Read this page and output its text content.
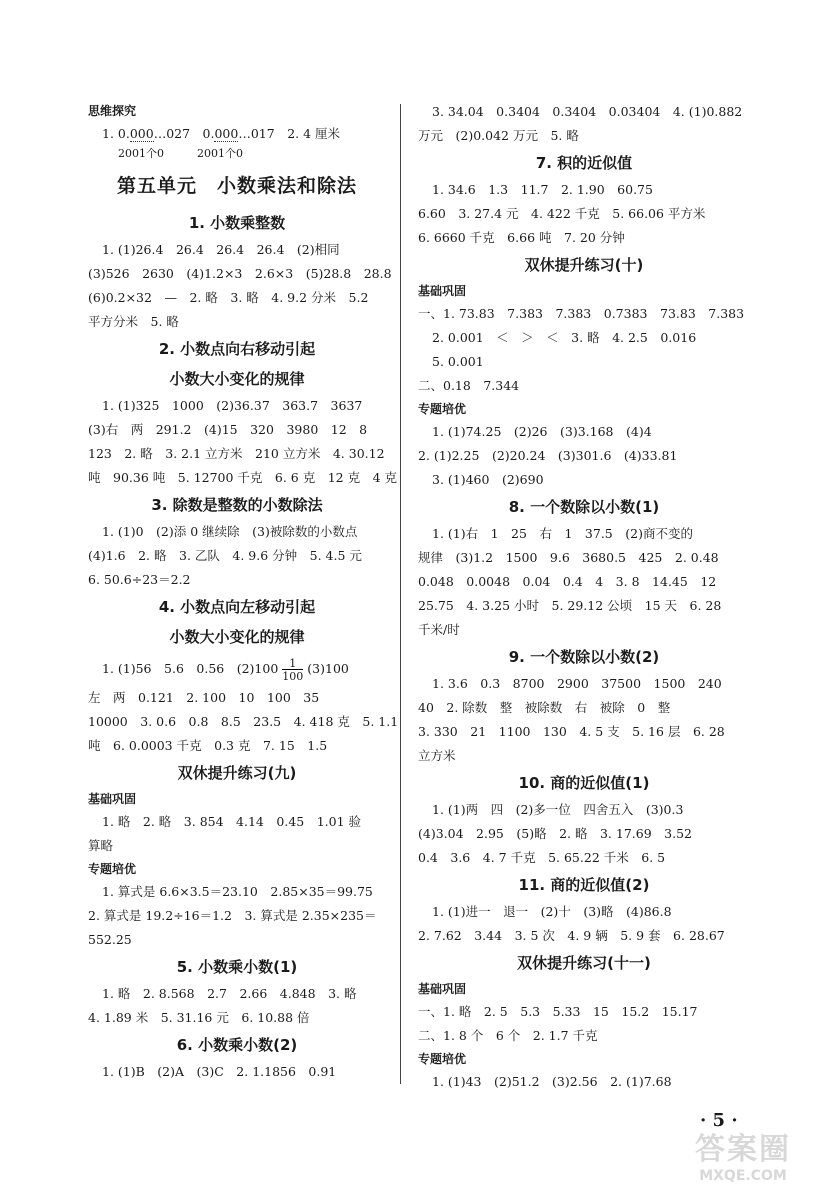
思维探究
1. 0.000…027　0.000…017　2. 4 厘米
2001个0　　　2001个0
第五单元　小数乘法和除法
1. 小数乘整数
1. (1)26.4　26.4　26.4　26.4　(2)相同
(3)526　2630　(4)1.2×3　2.6×3　(5)28.8　28.8
(6)0.2×32　—　2. 略　3. 略　4. 9.2 分米　5.2
平方分米　5. 略
2. 小数点向右移动引起
小数大小变化的规律
1. (1)325　1000　(2)36.37　363.7　3637
(3)右　两　291.2　(4)15　320　3980　12　8
123　2. 略　3. 2.1 立方米　210 立方米　4. 30.12
吨　90.36 吨　5. 12700 千克　6. 6 克　12 克　4 克
3. 除数是整数的小数除法
1. (1)0　(2)添 0 继续除　(3)被除数的小数点
(4)1.6　2. 略　3. 乙队　4. 9.6 分钟　5. 4.5 元
6. 50.6÷23＝2.2
4. 小数点向左移动引起
小数大小变化的规律
1. (1)56　5.6　0.56　$(2)100 \frac{1}{100} (3)100$
左　两　0.121　2. 100　10　100　35
10000　3. 0.6　0.8　8.5　23.5　4. 418 克　5. 1.1
吨　6. 0.0003 千克　0.3 克　7. 15　1.5
双休提升练习(九)
基础巩固
1. 略　2. 略　3. 854　4.14　0.45　1.01 验
算略
专题培优
1. 算式是 6.6×3.5＝23.10　2.85×35＝99.75
2. 算式是 19.2÷16＝1.2　3. 算式是 2.35×235＝
552.25
5. 小数乘小数(1)
1. 略　2. 8.568　2.7　2.66　4.848　3. 略
4. 1.89 米　5. 31.16 元　6. 10.88 倍
6. 小数乘小数(2)
1. (1)B　(2)A　(3)C　2. 1.1856　0.91
3. 34.04　0.3404　0.3404　0.03404　4. (1)0.882
万元　(2)0.042 万元　5. 略
7. 积的近似值
1. 34.6　1.3　11.7　2. 1.90　60.75
6.60　3. 27.4 元　4. 422 千克　5. 66.06 平方米
6. 6660 千克　6.66 吨　7. 20 分钟
双休提升练习(十)
基础巩固
一、1. 73.83　7.383　7.383　0.7383　73.83　7.383
2. 0.001　＜　＞　＜　3. 略　4. 2.5　0.016
5. 0.001
二、0.18　7.344
专题培优
1. (1)74.25　(2)26　(3)3.168　(4)4
2. (1)2.25　(2)20.24　(3)301.6　(4)33.81
3. (1)460　(2)690
8. 一个数除以小数(1)
1. (1)右　1　25　右　1　37.5　(2)商不变的
规律　(3)1.2　1500　9.6　3680.5　425　2. 0.48
0.048　0.0048　0.04　0.4　4　3. 8　14.45　12
25.75　4. 3.25 小时　5. 29.12 公顷　15 天　6. 28
千米/时
9. 一个数除以小数(2)
1. 3.6　0.3　8700　2900　37500　1500　240
40　2. 除数　整　被除数　右　被除　0　整
3. 330　21　1100　130　4. 5 支　5. 16 层　6. 28
立方米
10. 商的近似值(1)
1. (1)两　四　(2)多一位　四舍五入　(3)0.3
(4)3.04　2.95　(5)略　2. 略　3. 17.69　3.52
0.4　3.6　4. 7 千克　5. 65.22 千米　6. 5
11. 商的近似值(2)
1. (1)进一　退一　(2)十　(3)略　(4)86.8
2. 7.62　3.44　3. 5 次　4. 9 辆　5. 9 套　6. 28.67
双休提升练习(十一)
基础巩固
一、1. 略　2. 5　5.3　5.33　15　15.2　15.17
二、1. 8 个　6 个　2. 1.7 千克
专题培优
1. (1)43　(2)51.2　(3)2.56　2. (1)7.68
· 5 ·
答案圈
MXQE.COM
